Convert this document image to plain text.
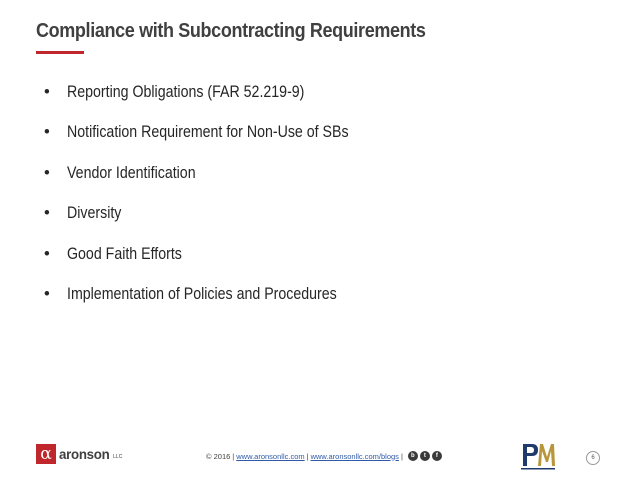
Compliance with Subcontracting Requirements
• Reporting Obligations (FAR 52.219-9)
• Notification Requirement for Non-Use of SBs
• Vendor Identification
• Diversity
• Good Faith Efforts
• Implementation of Policies and Procedures
α aronson LLC	© 2016 | www.aronsonllc.com | www.aronsonllc.com/blogs |	b	t	f	6
